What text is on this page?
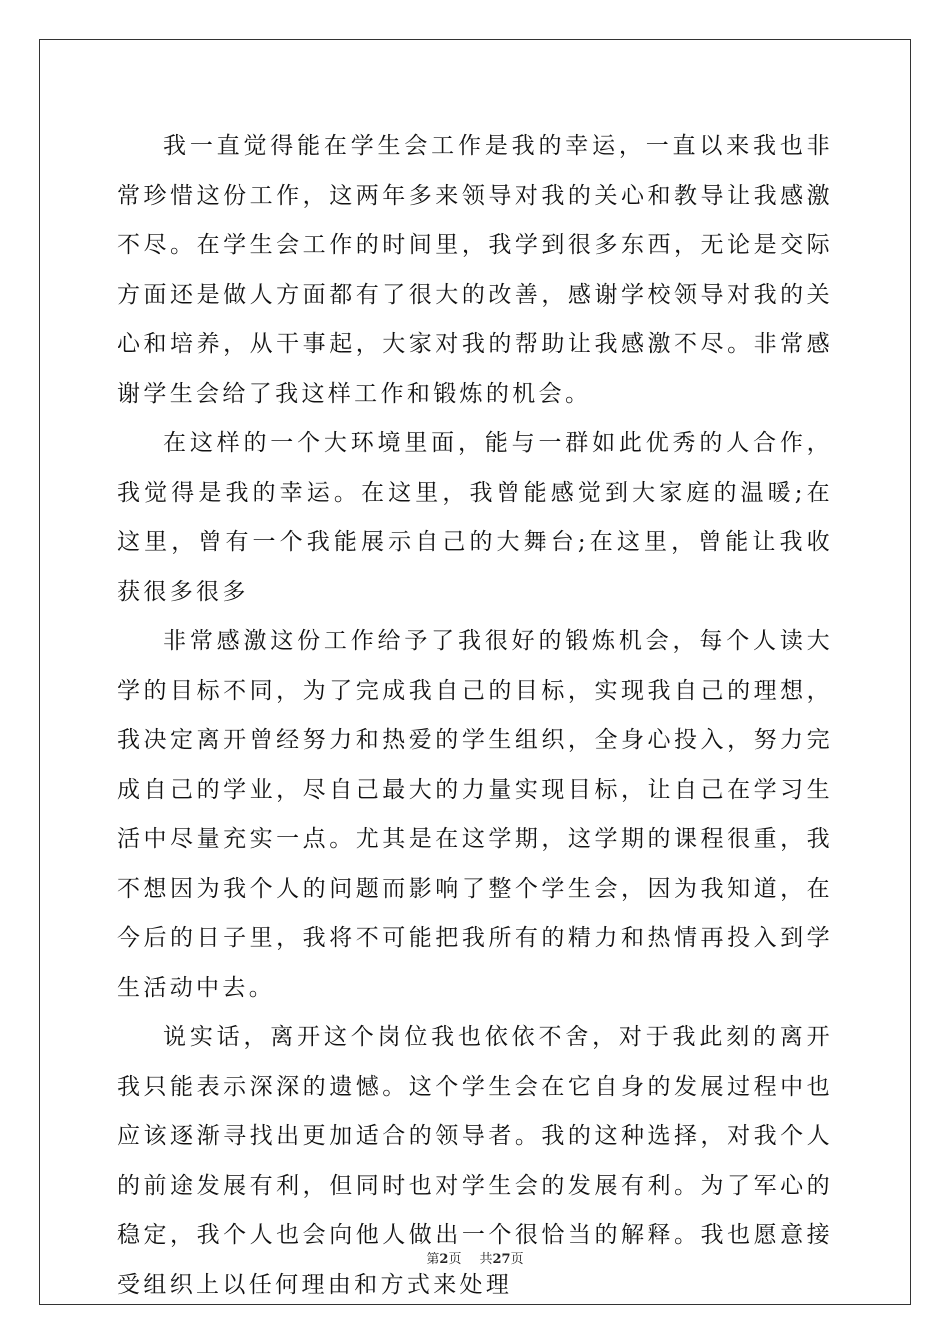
我一直觉得能在学生会工作是我的幸运，一直以来我也非常珍惜这份工作，这两年多来领导对我的关心和教导让我感激不尽。在学生会工作的时间里，我学到很多东西，无论是交际方面还是做人方面都有了很大的改善，感谢学校领导对我的关心和培养，从干事起，大家对我的帮助让我感激不尽。非常感谢学生会给了我这样工作和锻炼的机会。

在这样的一个大环境里面，能与一群如此优秀的人合作，我觉得是我的幸运。在这里，我曾能感觉到大家庭的温暖;在这里，曾有一个我能展示自己的大舞台;在这里，曾能让我收获很多很多

非常感激这份工作给予了我很好的锻炼机会，每个人读大学的目标不同，为了完成我自己的目标，实现我自己的理想，我决定离开曾经努力和热爱的学生组织，全身心投入，努力完成自己的学业，尽自己最大的力量实现目标，让自己在学习生活中尽量充实一点。尤其是在这学期，这学期的课程很重，我不想因为我个人的问题而影响了整个学生会，因为我知道，在今后的日子里，我将不可能把我所有的精力和热情再投入到学生活动中去。

说实话，离开这个岗位我也依依不舍，对于我此刻的离开我只能表示深深的遗憾。这个学生会在它自身的发展过程中也应该逐渐寻找出更加适合的领导者。我的这种选择，对我个人的前途发展有利，但同时也对学生会的发展有利。为了军心的稳定，我个人也会向他人做出一个很恰当的解释。我也愿意接受组织上以任何理由和方式来处理

第2页 共27页
